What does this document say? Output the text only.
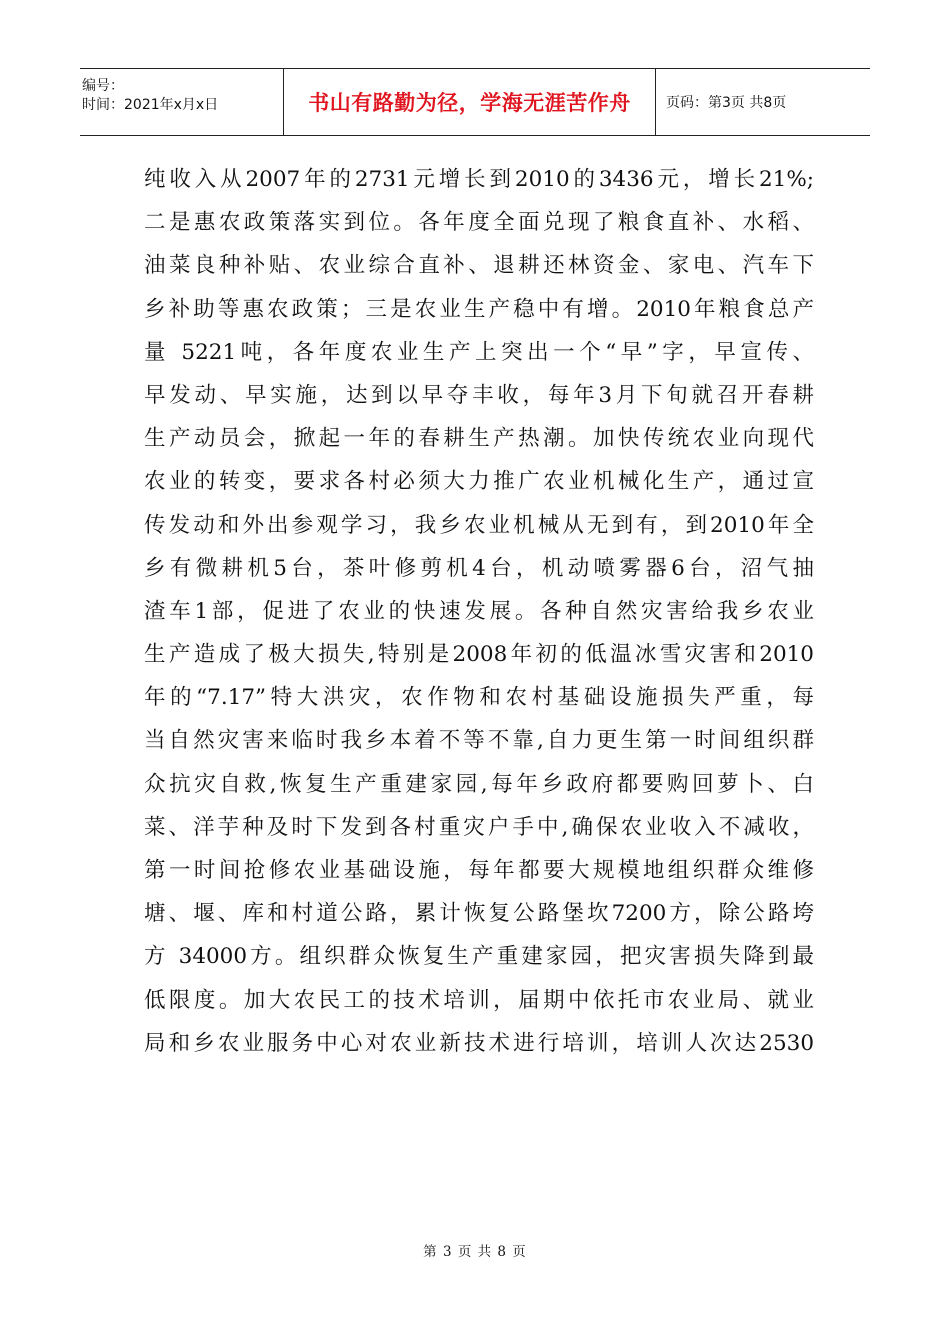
编号：
时间：2021年x月x日	书山有路勤为径，学海无涯苦作舟	页码：第3页 共8页
纯收入从2007年的2731元增长到2010的3436元，增长21%;
二是惠农政策落实到位。各年度全面兑现了粮食直补、水稻、
油菜良种补贴、农业综合直补、退耕还林资金、家电、汽车下
乡补助等惠农政策；三是农业生产稳中有增。2010年粮食总产
量 5221吨，各年度农业生产上突出一个“早”字，早宣传、
早发动、早实施，达到以早夺丰收，每年3月下旬就召开春耕
生产动员会，掀起一年的春耕生产热潮。加快传统农业向现代
农业的转变，要求各村必须大力推广农业机械化生产，通过宣
传发动和外出参观学习，我乡农业机械从无到有，到2010年全
乡有微耕机5台，茶叶修剪机4台，机动喷雾器6台，沼气抽
渣车1部，促进了农业的快速发展。各种自然灾害给我乡农业
生产造成了极大损失,特别是2008年初的低温冰雪灾害和2010
年的“7.17”特大洪灾，农作物和农村基础设施损失严重，每
当自然灾害来临时我乡本着不等不靠,自力更生第一时间组织群
众抗灾自救,恢复生产重建家园,每年乡政府都要购回萝卜、白
菜、洋芋种及时下发到各村重灾户手中,确保农业收入不减收，
第一时间抢修农业基础设施，每年都要大规模地组织群众维修
塘、堰、库和村道公路，累计恢复公路堡坎7200方，除公路垮
方 34000方。组织群众恢复生产重建家园，把灾害损失降到最
低限度。加大农民工的技术培训，届期中依托市农业局、就业
局和乡农业服务中心对农业新技术进行培训，培训人次达2530
第 3 页 共 8 页
